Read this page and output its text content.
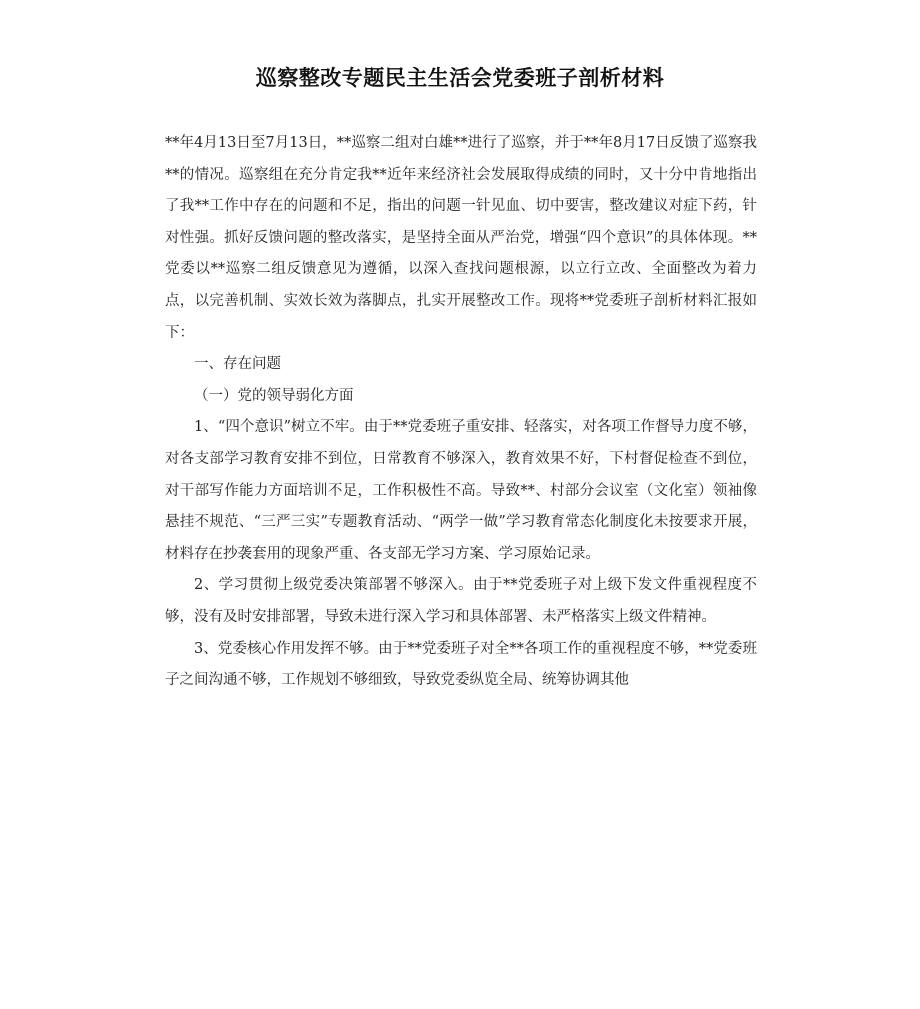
巡察整改专题民主生活会党委班子剖析材料

**年4月13日至7月13日，**巡察二组对白雄**进行了巡察，并于**年8月17日反馈了巡察我**的情况。巡察组在充分肯定我**近年来经济社会发展取得成绩的同时，又十分中肯地指出了我**工作中存在的问题和不足，指出的问题一针见血、切中要害，整改建议对症下药，针对性强。抓好反馈问题的整改落实，是坚持全面从严治党，增强“四个意识”的具体体现。**党委以**巡察二组反馈意见为遵循，以深入查找问题根源，以立行立改、全面整改为着力点，以完善机制、实效长效为落脚点，扎实开展整改工作。现将**党委班子剖析材料汇报如下：

一、存在问题

（一）党的领导弱化方面

1、“四个意识”树立不牢。由于**党委班子重安排、轻落实，对各项工作督导力度不够，对各支部学习教育安排不到位，日常教育不够深入，教育效果不好，下村督促检查不到位，对干部写作能力方面培训不足，工作积极性不高。导致**、村部分会议室（文化室）领袖像悬挂不规范、“三严三实”专题教育活动、“两学一做”学习教育常态化制度化未按要求开展，材料存在抄袭套用的现象严重、各支部无学习方案、学习原始记录。

2、学习贯彻上级党委决策部署不够深入。由于**党委班子对上级下发文件重视程度不够，没有及时安排部署，导致未进行深入学习和具体部署、未严格落实上级文件精神。

3、党委核心作用发挥不够。由于**党委班子对全**各项工作的重视程度不够，**党委班子之间沟通不够，工作规划不够细致，导致党委纵览全局、统筹协调其他
